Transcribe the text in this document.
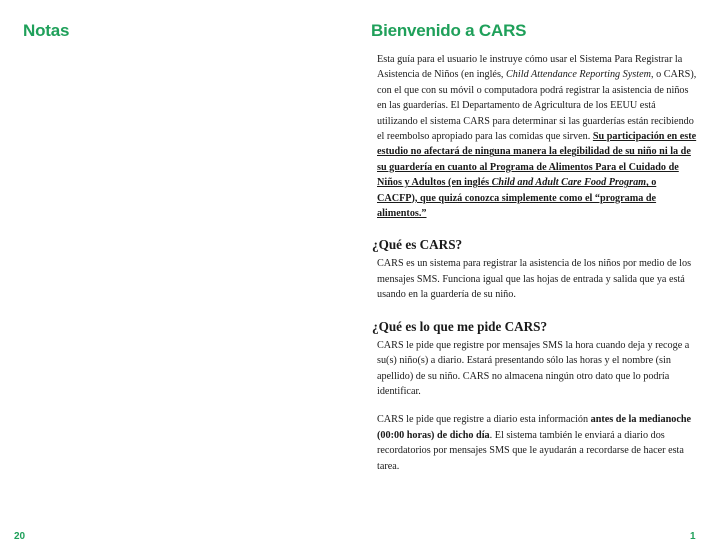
Notas	Bienvenido a CARS

Esta guía para el usuario le instruye cómo usar el Sistema Para Registrar la Asistencia de Niños (en inglés, Child Attendance Reporting System, o CARS), con el que con su móvil o computadora podrá registrar la asistencia de niños en las guarderías. El Departamento de Agricultura de los EEUU está utilizando el sistema CARS para determinar si las guarderías están recibiendo el reembolso apropiado para las comidas que sirven. Su participación en este estudio no afectará de ninguna manera la elegibilidad de su niño ni la de su guardería en cuanto al Programa de Alimentos Para el Cuidado de Niños y Adultos (en inglés Child and Adult Care Food Program, o CACFP), que quizá conozca simplemente como el “programa de alimentos.”

¿Qué es CARS?

CARS es un sistema para registrar la asistencia de los niños por medio de los mensajes SMS. Funciona igual que las hojas de entrada y salida que ya está usando en la guardería de su niño.

¿Qué es lo que me pide CARS?

CARS le pide que registre por mensajes SMS la hora cuando deja y recoge a su(s) niño(s) a diario. Estará presentando sólo las horas y el nombre (sin apellido) de su niño. CARS no almacena ningún otro dato que lo podría identificar.

CARS le pide que registre a diario esta información antes de la medianoche (00:00 horas) de dicho día. El sistema también le enviará a diario dos recordatorios por mensajes SMS que le ayudarán a recordarse de hacer esta tarea.

20	1
